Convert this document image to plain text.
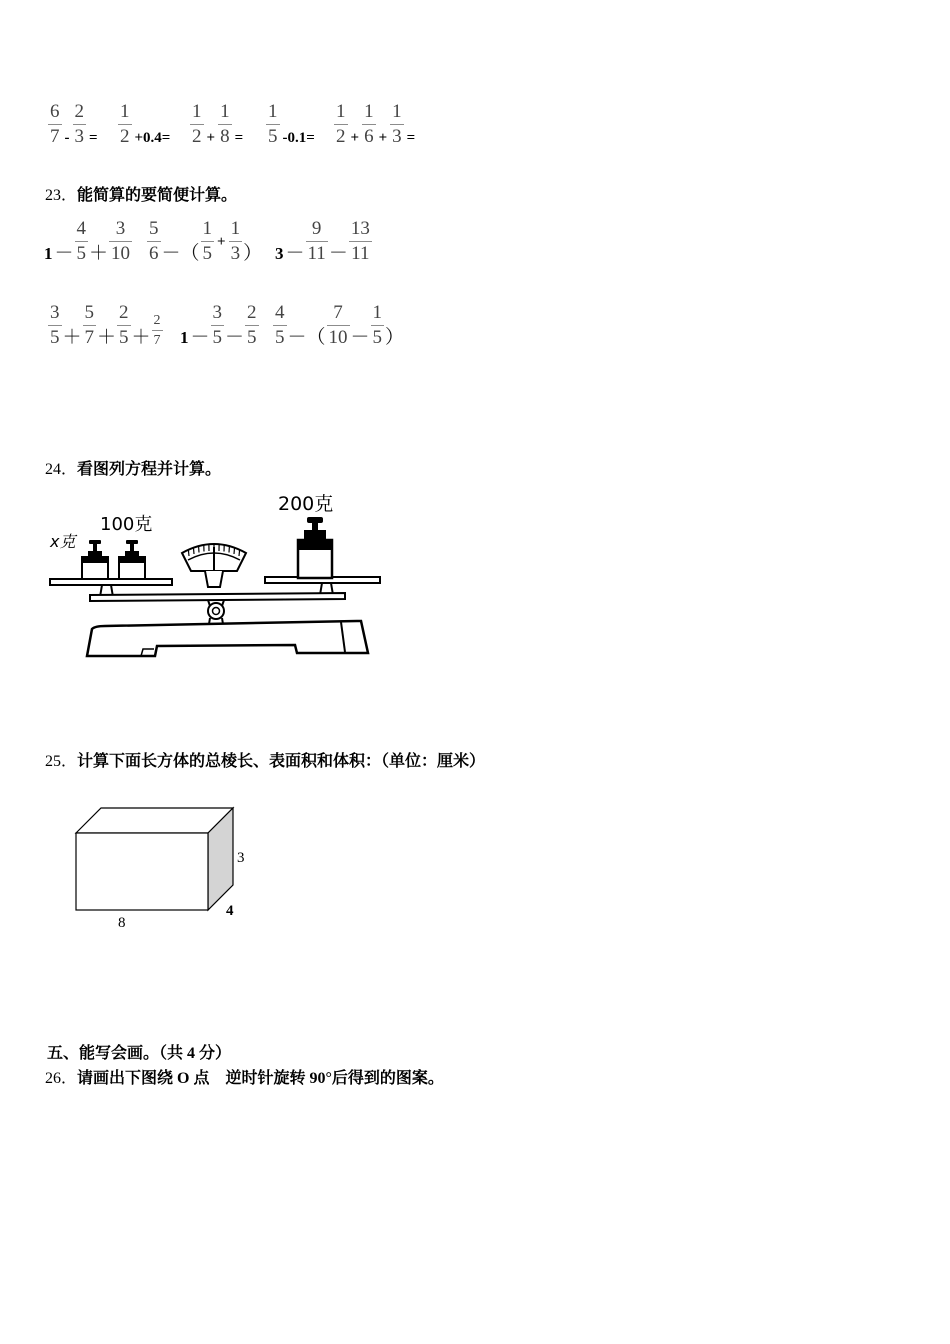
$\frac{6}{7} - \frac{2}{3} = \frac{1}{2} +0.4= \frac{1}{2} + \frac{1}{8} = \frac{1}{5} -0.1= \frac{1}{2} + \frac{1}{6} + \frac{1}{3}$ =
23．能简算的要简便计算。
$1 - \frac{4}{5} + \frac{3}{10} \frac{5}{6}$ －（ $\frac{1}{5} + \frac{1}{3}$ ） $3 - \frac{9}{11} - \frac{13}{11}$
$\frac{3}{5} + \frac{5}{7} + \frac{2}{5} + \frac{2}{7} 1 - \frac{3}{5} - \frac{2}{5} \frac{4}{5}$ －（ $\frac{7}{10} - \frac{1}{5}$ ）
24．看图列方程并计算。
x克
100克
200克
25．计算下面长方体的总棱长、表面积和体积：（单位：厘米）
3
4
8
五、能写会画。（共 4 分）
26．请画出下图绕 O 点　逆时针旋转 90°后得到的图案。
